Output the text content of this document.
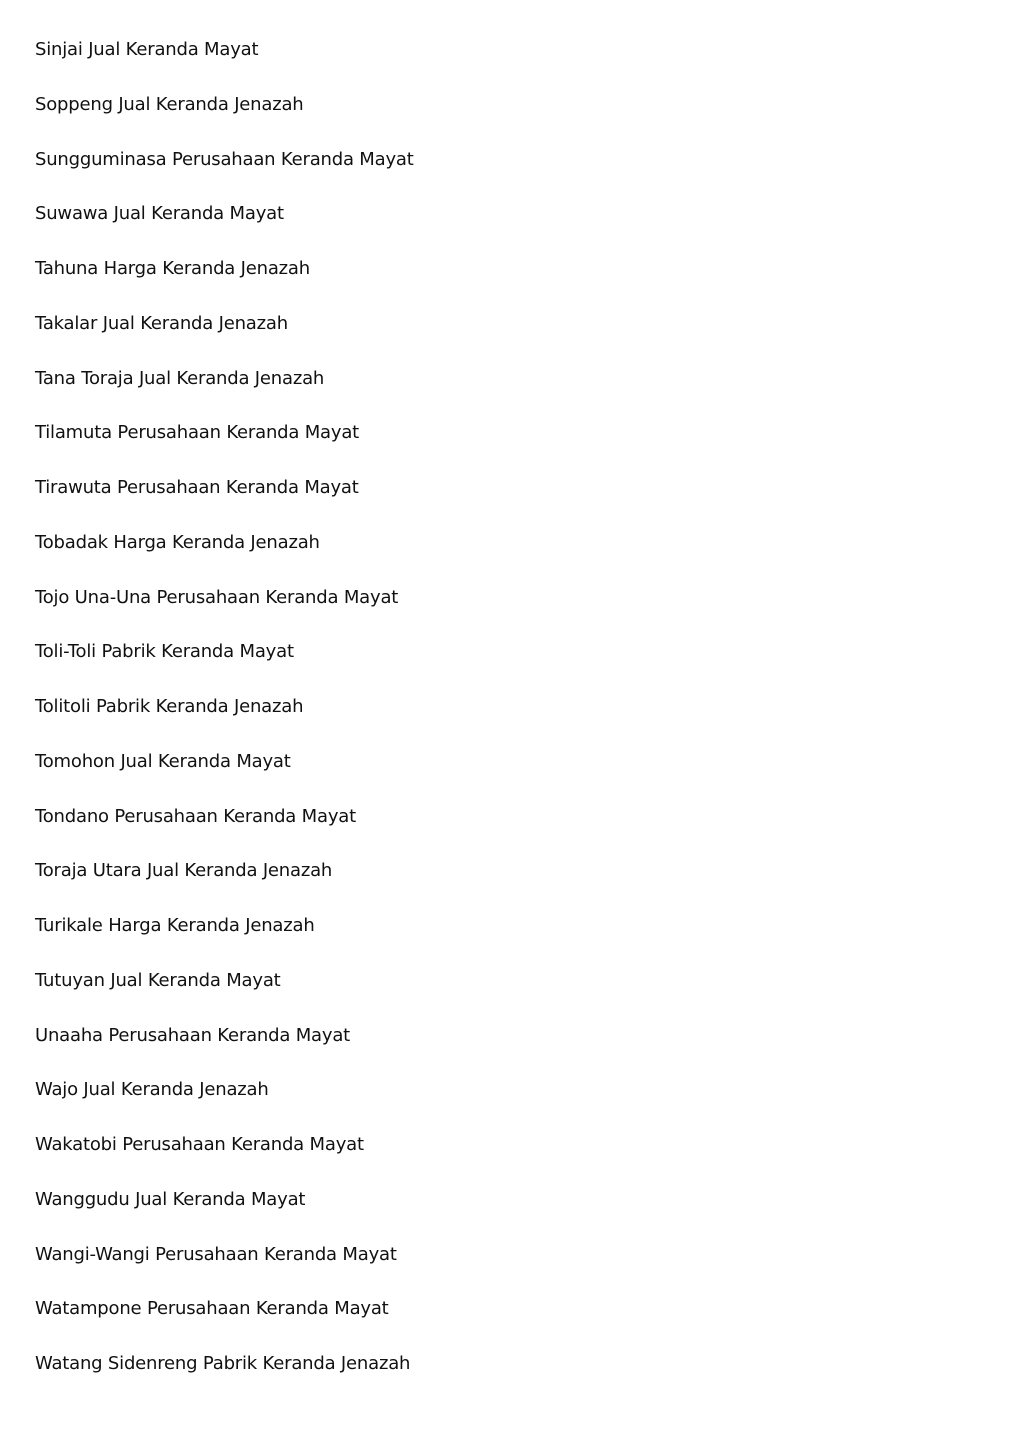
Sinjai Jual Keranda Mayat
Soppeng Jual Keranda Jenazah
Sungguminasa Perusahaan Keranda Mayat
Suwawa Jual Keranda Mayat
Tahuna Harga Keranda Jenazah
Takalar Jual Keranda Jenazah
Tana Toraja Jual Keranda Jenazah
Tilamuta Perusahaan Keranda Mayat
Tirawuta Perusahaan Keranda Mayat
Tobadak Harga Keranda Jenazah
Tojo Una-Una Perusahaan Keranda Mayat
Toli-Toli Pabrik Keranda Mayat
Tolitoli Pabrik Keranda Jenazah
Tomohon Jual Keranda Mayat
Tondano Perusahaan Keranda Mayat
Toraja Utara Jual Keranda Jenazah
Turikale Harga Keranda Jenazah
Tutuyan Jual Keranda Mayat
Unaaha Perusahaan Keranda Mayat
Wajo Jual Keranda Jenazah
Wakatobi Perusahaan Keranda Mayat
Wanggudu Jual Keranda Mayat
Wangi-Wangi Perusahaan Keranda Mayat
Watampone Perusahaan Keranda Mayat
Watang Sidenreng Pabrik Keranda Jenazah
